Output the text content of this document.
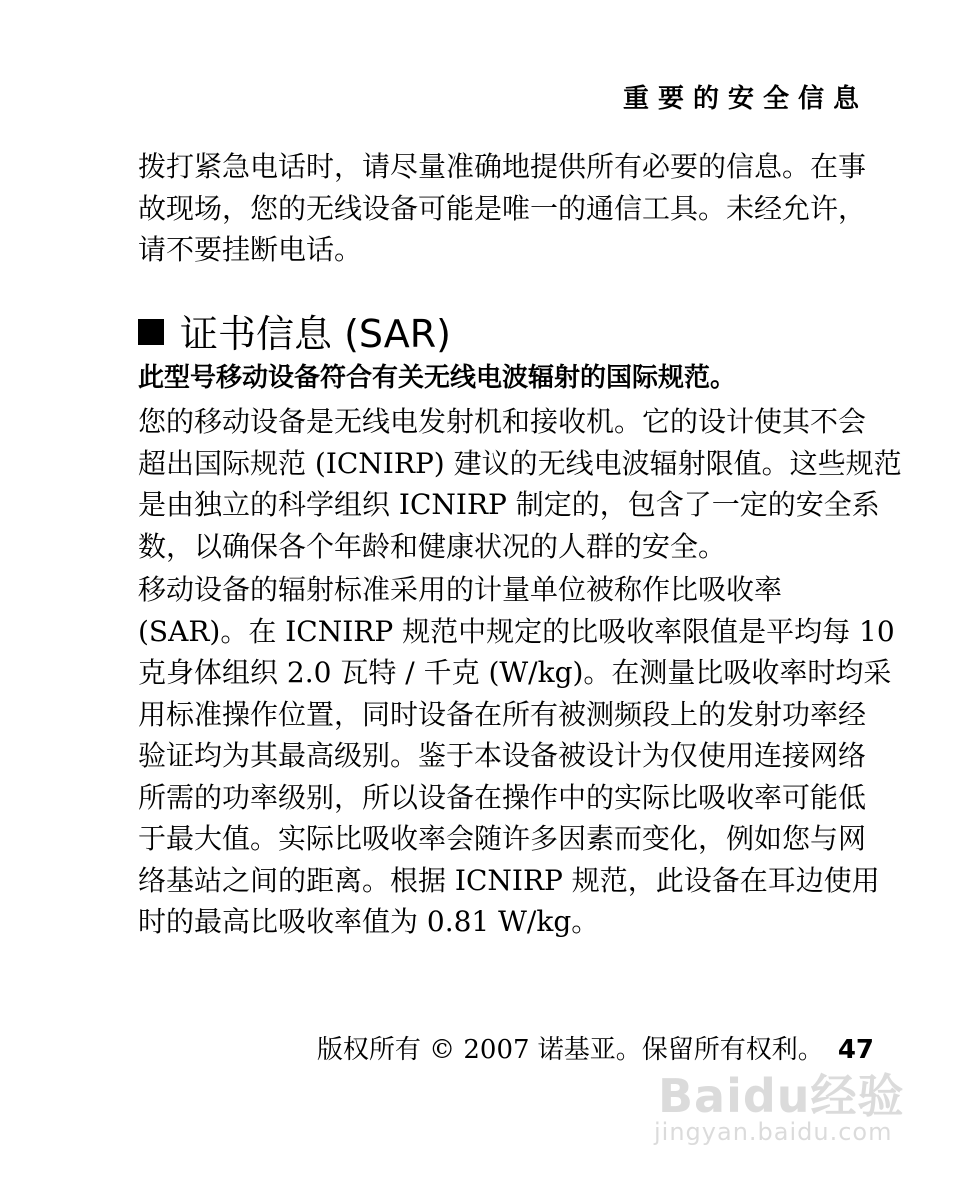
重要的安全信息
拨打紧急电话时，请尽量准确地提供所有必要的信息。在事
故现场，您的无线设备可能是唯一的通信工具。未经允许，
请不要挂断电话。
证书信息 (SAR)
此型号移动设备符合有关无线电波辐射的国际规范。
您的移动设备是无线电发射机和接收机。它的设计使其不会
超出国际规范 (ICNIRP) 建议的无线电波辐射限值。这些规范
是由独立的科学组织 ICNIRP 制定的，包含了一定的安全系
数，以确保各个年龄和健康状况的人群的安全。
移动设备的辐射标准采用的计量单位被称作比吸收率
(SAR)。在 ICNIRP 规范中规定的比吸收率限值是平均每 10
克身体组织 2.0 瓦特 / 千克 (W/kg)。在测量比吸收率时均采
用标准操作位置，同时设备在所有被测频段上的发射功率经
验证均为其最高级别。鉴于本设备被设计为仅使用连接网络
所需的功率级别，所以设备在操作中的实际比吸收率可能低
于最大值。实际比吸收率会随许多因素而变化，例如您与网
络基站之间的距离。根据 ICNIRP 规范，此设备在耳边使用
时的最高比吸收率值为 0.81 W/kg。
版权所有 © 2007 诺基亚。保留所有权利。 47
Baidu经验
jingyan.baidu.com
